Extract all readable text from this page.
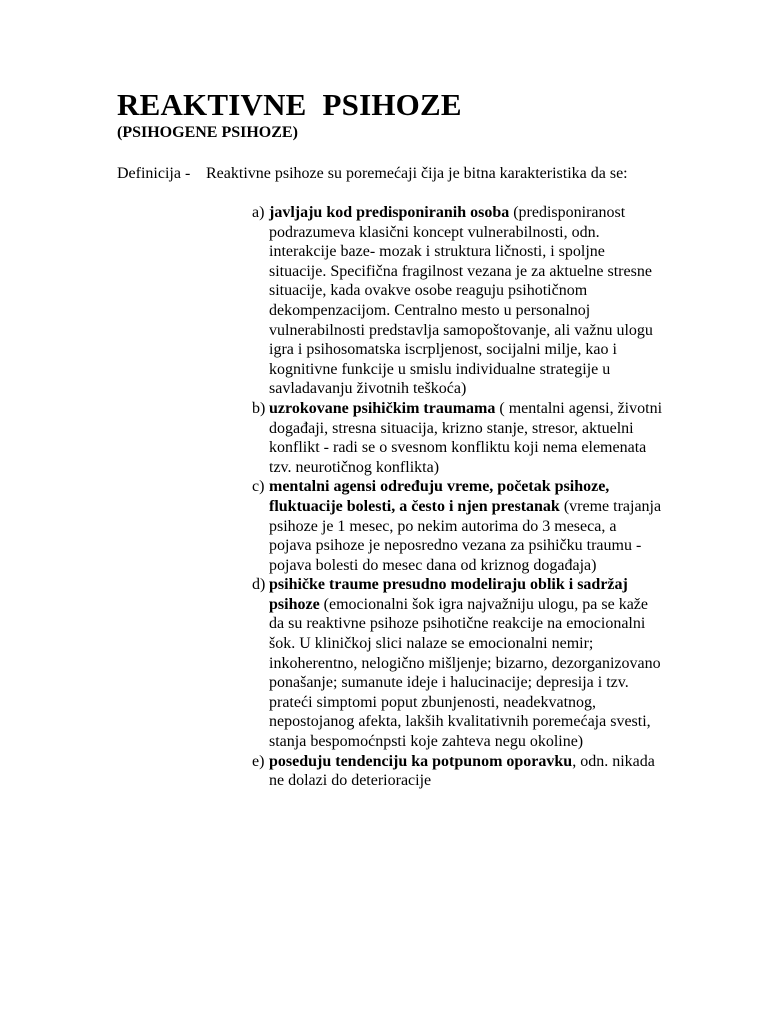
REAKTIVNE PSIHOZE
(PSIHOGENE PSIHOZE)
Definicija - Reaktivne psihoze su poremećaji čija je bitna karakteristika da se:
a) javljaju kod predisponiranih osoba (predisponiranost podrazumeva klasični koncept vulnerabilnosti, odn. interakcije baze- mozak i struktura ličnosti, i spoljne situacije. Specifična fragilnost vezana je za aktuelne stresne situacije, kada ovakve osobe reaguju psihotičnom dekompenzacijom. Centralno mesto u personalnoj vulnerabilnosti predstavlja samopoštovanje, ali važnu ulogu igra i psihosomatska iscrpljenost, socijalni milje, kao i kognitivne funkcije u smislu individualne strategije u savladavanju životnih teškoća)
b) uzrokovane psihičkim traumama ( mentalni agensi, životni događaji, stresna situacija, krizno stanje, stresor, aktuelni konflikt - radi se o svesnom konfliktu koji nema elemenata tzv. neurotičnog konflikta)
c) mentalni agensi određuju vreme, početak psihoze, fluktuacije bolesti, a često i njen prestanak (vreme trajanja psihoze je 1 mesec, po nekim autorima do 3 meseca, a pojava psihoze je neposredno vezana za psihičku traumu - pojava bolesti do mesec dana od kriznog događaja)
d) psihičke traume presudno modeliraju oblik i sadržaj psihoze (emocionalni šok igra najvažniju ulogu, pa se kaže da su reaktivne psihoze psihotične reakcije na emocionalni šok. U kliničkoj slici nalaze se emocionalni nemir; inkoherentno, nelogično mišljenje; bizarno, dezorganizovano ponašanje; sumanute ideje i halucinacije; depresija i tzv. prateći simptomi poput zbunjenosti, neadekvatnog, nepostojanog afekta, lakših kvalitativnih poremećaja svesti, stanja bespomoćnpsti koje zahteva negu okoline)
e) poseduju tendenciju ka potpunom oporavku, odn. nikada ne dolazi do deterioracije
